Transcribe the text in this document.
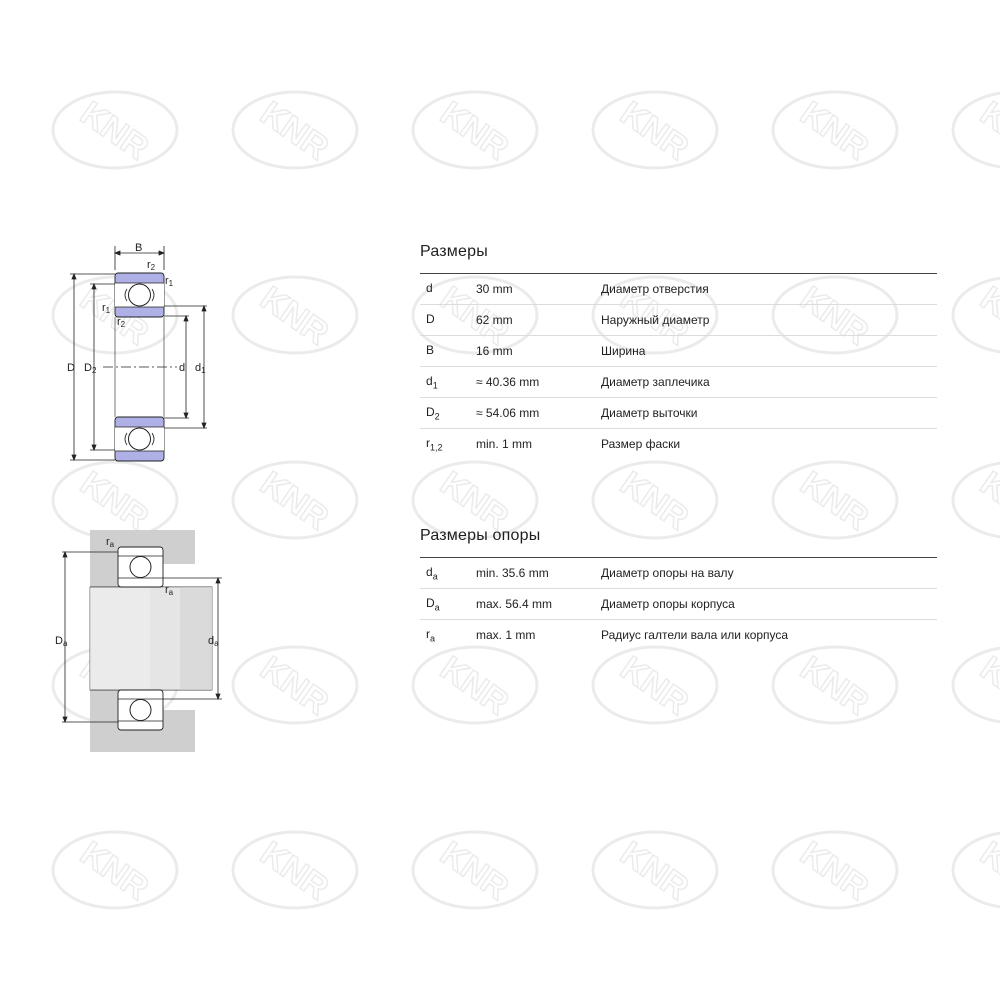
B
r2
r1
r1
r2
D D2	d d1
ra
ra
Da	da
Размеры
d	30 mm	Диаметр отверстия
D	62 mm	Наружный диаметр
B	16 mm	Ширина
$d_1$	≈ 40.36 mm	Диаметр заплечика
$D_2$	≈ 54.06 mm	Диаметр выточки
$r_{1,2}$	min. 1 mm	Размер фаски
Размеры опоры
$d_a$	min. 35.6 mm	Диаметр опоры на валу
$D_a$	max. 56.4 mm	Диаметр опоры корпуса
$r_a$	max. 1 mm	Радиус галтели вала или корпуса
